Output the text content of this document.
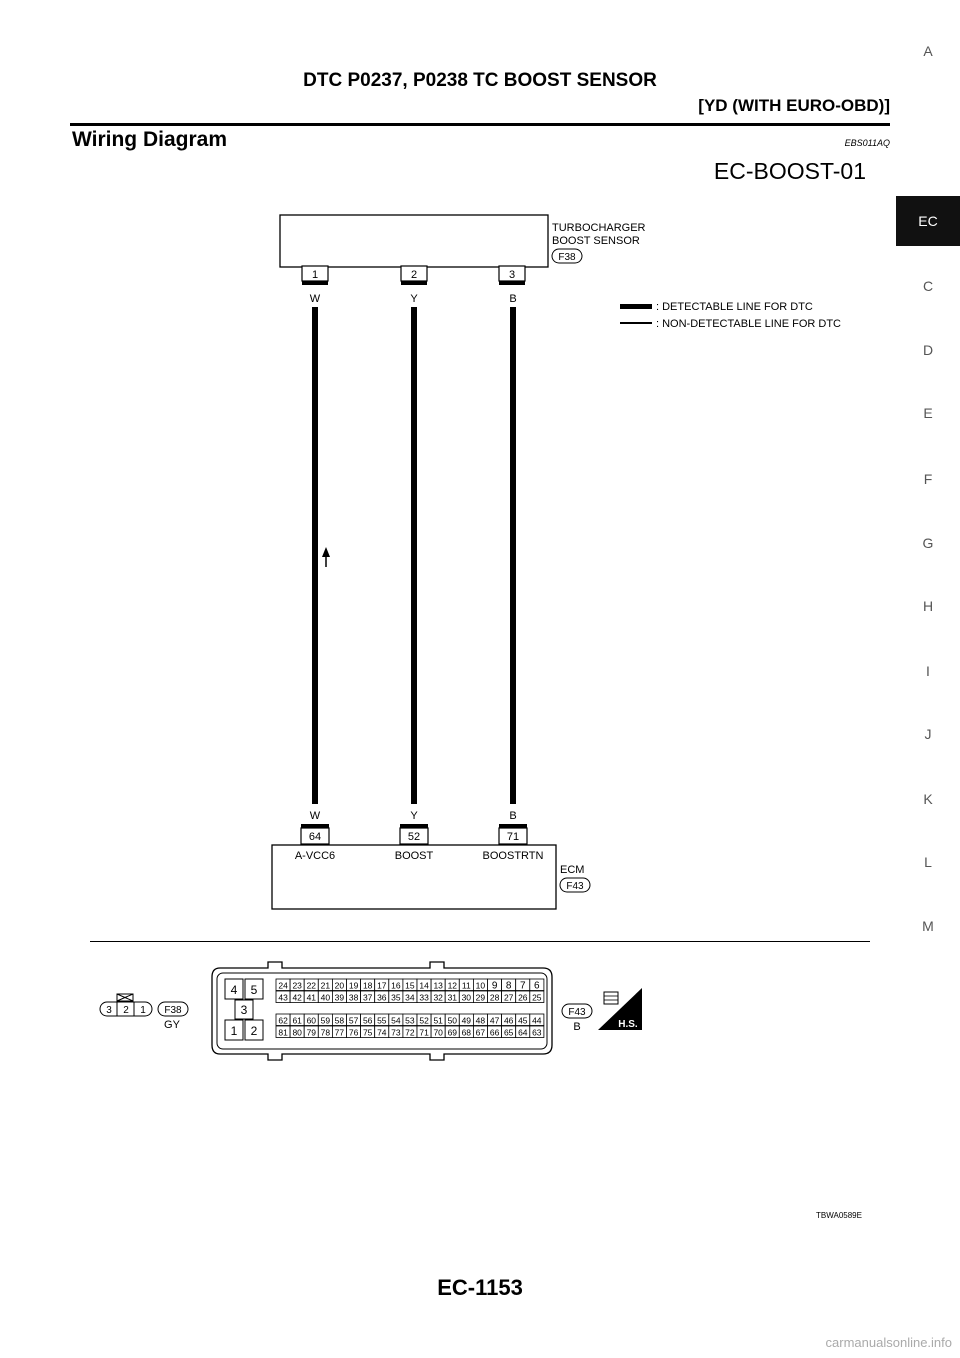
DTC P0237, P0238 TC BOOST SENSOR
[YD (WITH EURO-OBD)]
Wiring Diagram	EBS011AQ
EC-BOOST-01
A
EC
C
D
E
F
G
H
I
J
K
L
M
TURBOCHARGER
BOOST SENSOR
F38
1	2	3
W	Y	B
: DETECTABLE LINE FOR DTC
: NON-DETECTABLE LINE FOR DTC
W	Y	B
64	52	71
A-VCC6	BOOST	BOOSTRTN
ECM
F43
3 2 1 F38
GY
4 5
3
1 2
24 23 22 21 20 19 18 17 16 15 14 13 12 11 10 9 8 7 6
43 42 41 40 39 38 37 36 35 34 33 32 31 30 29 28 27 26 25
62 61 60 59 58 57 56 55 54 53 52 51 50 49 48 47 46 45 44
81 80 79 78 77 76 75 74 73 72 71 70 69 68 67 66 65 64 63
F43
B	H.S.
TBWA0589E
EC-1153
carmanualsonline.info
